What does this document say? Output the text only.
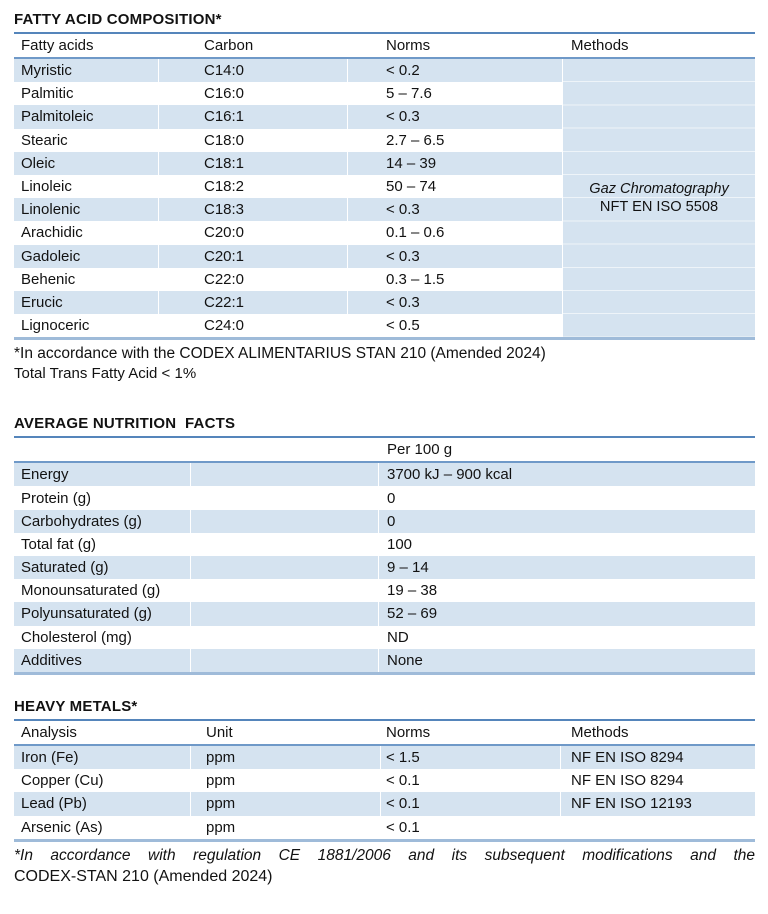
FATTY ACID COMPOSITION*
Fatty acids	Carbon	Norms	Methods
Myristic	C14:0	< 0.2
Palmitic	C16:0	5 – 7.6
Palmitoleic	C16:1	< 0.3
Stearic	C18:0	2.7 – 6.5
Oleic	C18:1	14 – 39
Linoleic	C18:2	50 – 74
Linolenic	C18:3	< 0.3
Arachidic	C20:0	0.1 – 0.6
Gadoleic	C20:1	< 0.3
Behenic	C22:0	0.3 – 1.5
Erucic	C22:1	< 0.3
Lignoceric	C24:0	< 0.5
Gaz Chromatography
NFT EN ISO 5508

*In accordance with the CODEX ALIMENTARIUS STAN 210 (Amended 2024)

Total Trans Fatty Acid < 1%

AVERAGE NUTRITION  FACTS
Per 100 g
Energy	3700 kJ – 900 kcal
Protein (g)	0
Carbohydrates (g)	0
Total fat (g)	100
Saturated (g)	9 – 14
Monounsaturated (g)	19 – 38
Polyunsaturated (g)	52 – 69
Cholesterol (mg)	ND
Additives	None
HEAVY METALS*
Analysis	Unit	Norms	Methods
Iron (Fe)	ppm	< 1.5	NF EN ISO 8294
Copper (Cu)	ppm	< 0.1	NF EN ISO 8294
Lead (Pb)	ppm	< 0.1	NF EN ISO 12193
Arsenic (As)	ppm	< 0.1

*In accordance with regulation CE 1881/2006 and its subsequent modifications and the

CODEX-STAN 210 (Amended 2024)
